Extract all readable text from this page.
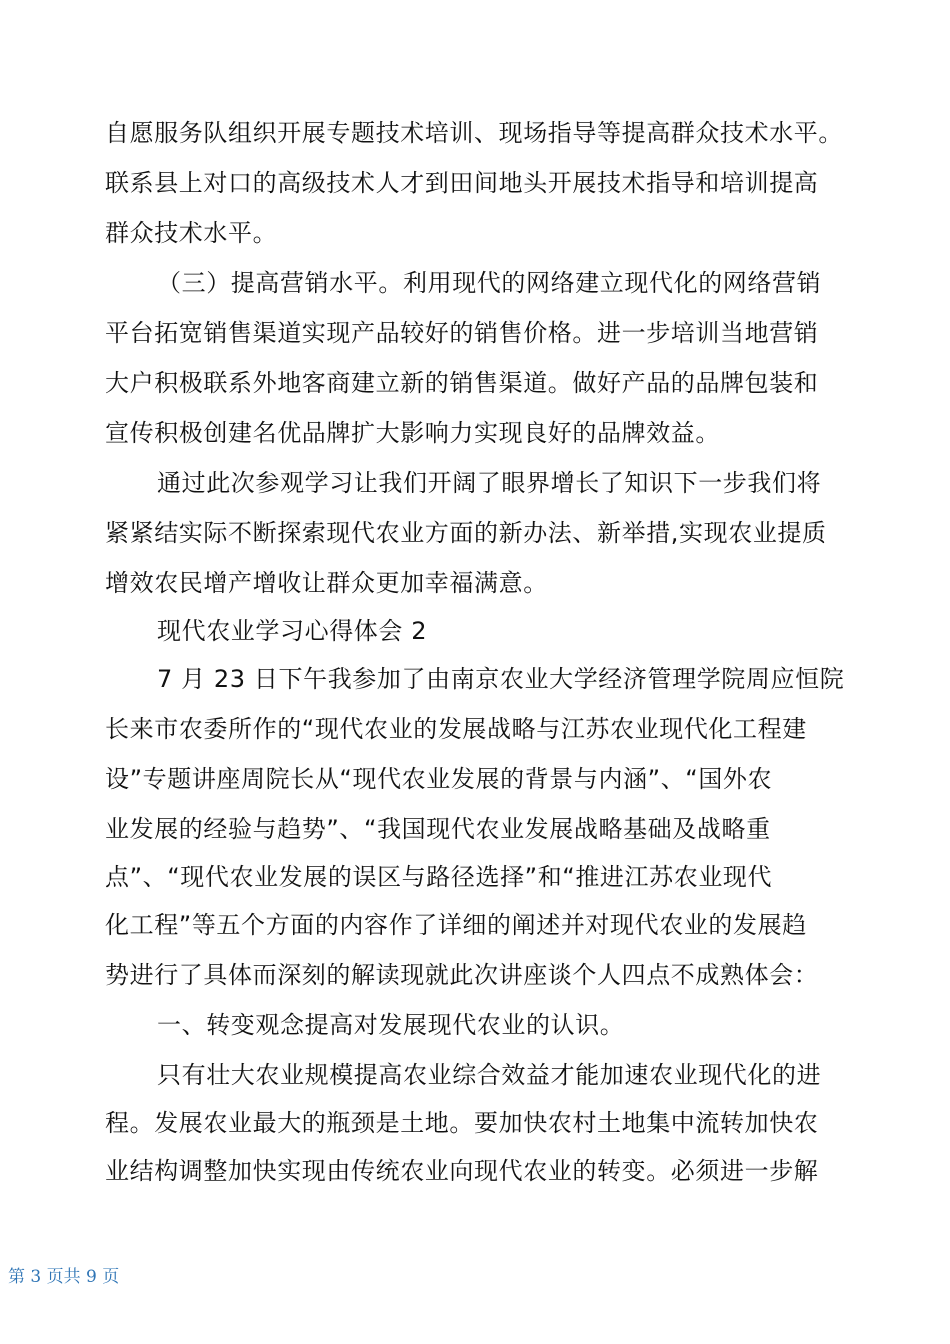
自愿服务队组织开展专题技术培训、现场指导等提高群众技术水平。
联系县上对口的高级技术人才到田间地头开展技术指导和培训提高
群众技术水平。
（三）提高营销水平。利用现代的网络建立现代化的网络营销
平台拓宽销售渠道实现产品较好的销售价格。进一步培训当地营销
大户积极联系外地客商建立新的销售渠道。做好产品的品牌包装和
宣传积极创建名优品牌扩大影响力实现良好的品牌效益。
通过此次参观学习让我们开阔了眼界增长了知识下一步我们将
紧紧结实际不断探索现代农业方面的新办法、新举措,实现农业提质
增效农民增产增收让群众更加幸福满意。
现代农业学习心得体会 2
7 月 23 日下午我参加了由南京农业大学经济管理学院周应恒院
长来市农委所作的“现代农业的发展战略与江苏农业现代化工程建
设”专题讲座周院长从“现代农业发展的背景与内涵”、“国外农
业发展的经验与趋势”、“我国现代农业发展战略基础及战略重
点”、“现代农业发展的误区与路径选择”和“推进江苏农业现代
化工程”等五个方面的内容作了详细的阐述并对现代农业的发展趋
势进行了具体而深刻的解读现就此次讲座谈个人四点不成熟体会：
一、转变观念提高对发展现代农业的认识。
只有壮大农业规模提高农业综合效益才能加速农业现代化的进
程。发展农业最大的瓶颈是土地。要加快农村土地集中流转加快农
业结构调整加快实现由传统农业向现代农业的转变。必须进一步解
第 3 页共 9 页
